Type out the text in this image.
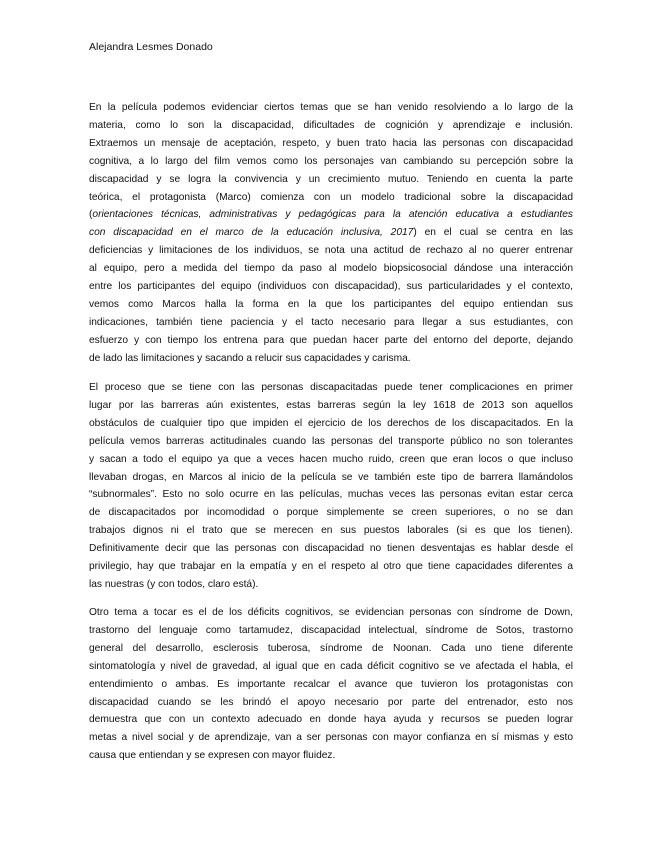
Alejandra Lesmes Donado

En la película podemos evidenciar ciertos temas que se han venido resolviendo a lo largo de la
materia, como lo son la discapacidad, dificultades de cognición y aprendizaje e inclusión.
Extraemos un mensaje de aceptación, respeto, y buen trato hacia las personas con discapacidad
cognitiva, a lo largo del film vemos como los personajes van cambiando su percepción sobre la
discapacidad y se logra la convivencia y un crecimiento mutuo. Teniendo en cuenta la parte
teórica, el protagonista (Marco) comienza con un modelo tradicional sobre la discapacidad
(orientaciones técnicas, administrativas y pedagógicas para la atención educativa a estudiantes
con discapacidad en el marco de la educación inclusiva, 2017) en el cual se centra en las
deficiencias y limitaciones de los individuos, se nota una actitud de rechazo al no querer entrenar
al equipo, pero a medida del tiempo da paso al modelo biopsicosocial dándose una interacción
entre los participantes del equipo (individuos con discapacidad), sus particularidades y el contexto,
vemos como Marcos halla la forma en la que los participantes del equipo entiendan sus
indicaciones, también tiene paciencia y el tacto necesario para llegar a sus estudiantes, con
esfuerzo y con tiempo los entrena para que puedan hacer parte del entorno del deporte, dejando
de lado las limitaciones y sacando a relucir sus capacidades y carisma.

El proceso que se tiene con las personas discapacitadas puede tener complicaciones en primer
lugar por las barreras aún existentes, estas barreras según la ley 1618 de 2013 son aquellos
obstáculos de cualquier tipo que impiden el ejercicio de los derechos de los discapacitados. En la
película vemos barreras actitudinales cuando las personas del transporte público no son tolerantes
y sacan a todo el equipo ya que a veces hacen mucho ruido, creen que eran locos o que incluso
llevaban drogas, en Marcos al inicio de la película se ve también este tipo de barrera llamándolos
“subnormales”. Esto no solo ocurre en las películas, muchas veces las personas evitan estar cerca
de discapacitados por incomodidad o porque simplemente se creen superiores, o no se dan
trabajos dignos ni el trato que se merecen en sus puestos laborales (si es que los tienen).
Definitivamente decir que las personas con discapacidad no tienen desventajas es hablar desde el
privilegio, hay que trabajar en la empatía y en el respeto al otro que tiene capacidades diferentes a
las nuestras (y con todos, claro está).

Otro tema a tocar es el de los déficits cognitivos, se evidencian personas con síndrome de Down,
trastorno del lenguaje como tartamudez, discapacidad intelectual, síndrome de Sotos, trastorno
general del desarrollo, esclerosis tuberosa, síndrome de Noonan. Cada uno tiene diferente
sintomatología y nivel de gravedad, al igual que en cada déficit cognitivo se ve afectada el habla, el
entendimiento o ambas. Es importante recalcar el avance que tuvieron los protagonistas con
discapacidad cuando se les brindó el apoyo necesario por parte del entrenador, esto nos
demuestra que con un contexto adecuado en donde haya ayuda y recursos se pueden lograr
metas a nivel social y de aprendizaje, van a ser personas con mayor confianza en sí mismas y esto
causa que entiendan y se expresen con mayor fluidez.
